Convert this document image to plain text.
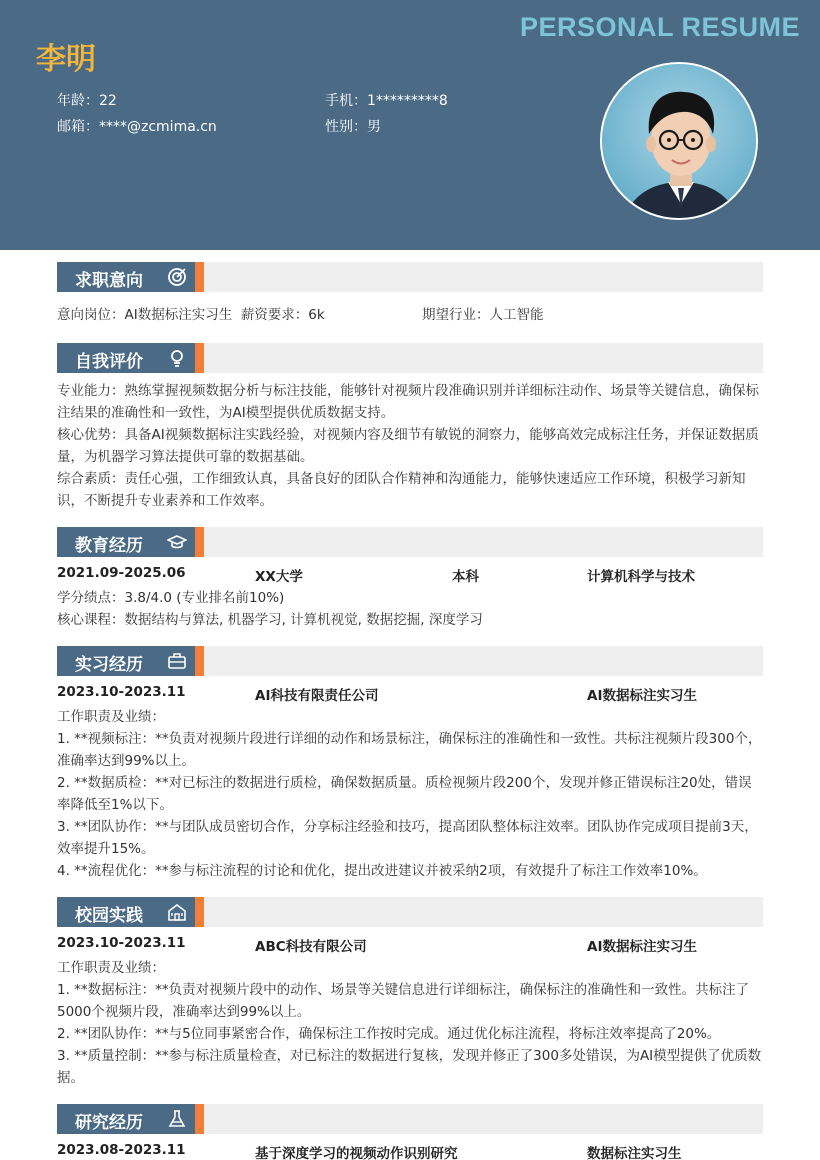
PERSONAL RESUME
李明
年龄：22	手机：1*********8
邮箱：****@zcmima.cn	性别：男
求职意向
意向岗位：AI数据标注实习生 薪资要求：6k	期望行业：人工智能
自我评价
专业能力：熟练掌握视频数据分析与标注技能，能够针对视频片段准确识别并详细标注动作、场景等关键信息，确保标注结果的准确性和一致性，为AI模型提供优质数据支持。
核心优势：具备AI视频数据标注实践经验，对视频内容及细节有敏锐的洞察力，能够高效完成标注任务，并保证数据质量，为机器学习算法提供可靠的数据基础。
综合素质：责任心强，工作细致认真，具备良好的团队合作精神和沟通能力，能够快速适应工作环境，积极学习新知识，不断提升专业素养和工作效率。
教育经历
2021.09-2025.06	XX大学	本科	计算机科学与技术
学分绩点：3.8/4.0 (专业排名前10%)
核心课程：数据结构与算法, 机器学习, 计算机视觉, 数据挖掘, 深度学习
实习经历
2023.10-2023.11	AI科技有限责任公司	AI数据标注实习生
工作职责及业绩：
1. **视频标注：**负责对视频片段进行详细的动作和场景标注，确保标注的准确性和一致性。共标注视频片段300个，准确率达到99%以上。
2. **数据质检：**对已标注的数据进行质检，确保数据质量。质检视频片段200个，发现并修正错误标注20处，错误率降低至1%以下。
3. **团队协作：**与团队成员密切合作，分享标注经验和技巧，提高团队整体标注效率。团队协作完成项目提前3天，效率提升15%。
4. **流程优化：**参与标注流程的讨论和优化，提出改进建议并被采纳2项，有效提升了标注工作效率10%。
校园实践
2023.10-2023.11	ABC科技有限公司	AI数据标注实习生
工作职责及业绩：
1. **数据标注：**负责对视频片段中的动作、场景等关键信息进行详细标注，确保标注的准确性和一致性。共标注了5000个视频片段，准确率达到99%以上。
2. **团队协作：**与5位同事紧密合作，确保标注工作按时完成。通过优化标注流程，将标注效率提高了20%。
3. **质量控制：**参与标注质量检查，对已标注的数据进行复核，发现并修正了300多处错误，为AI模型提供了优质数据。
研究经历
2023.08-2023.11	基于深度学习的视频动作识别研究	数据标注实习生
